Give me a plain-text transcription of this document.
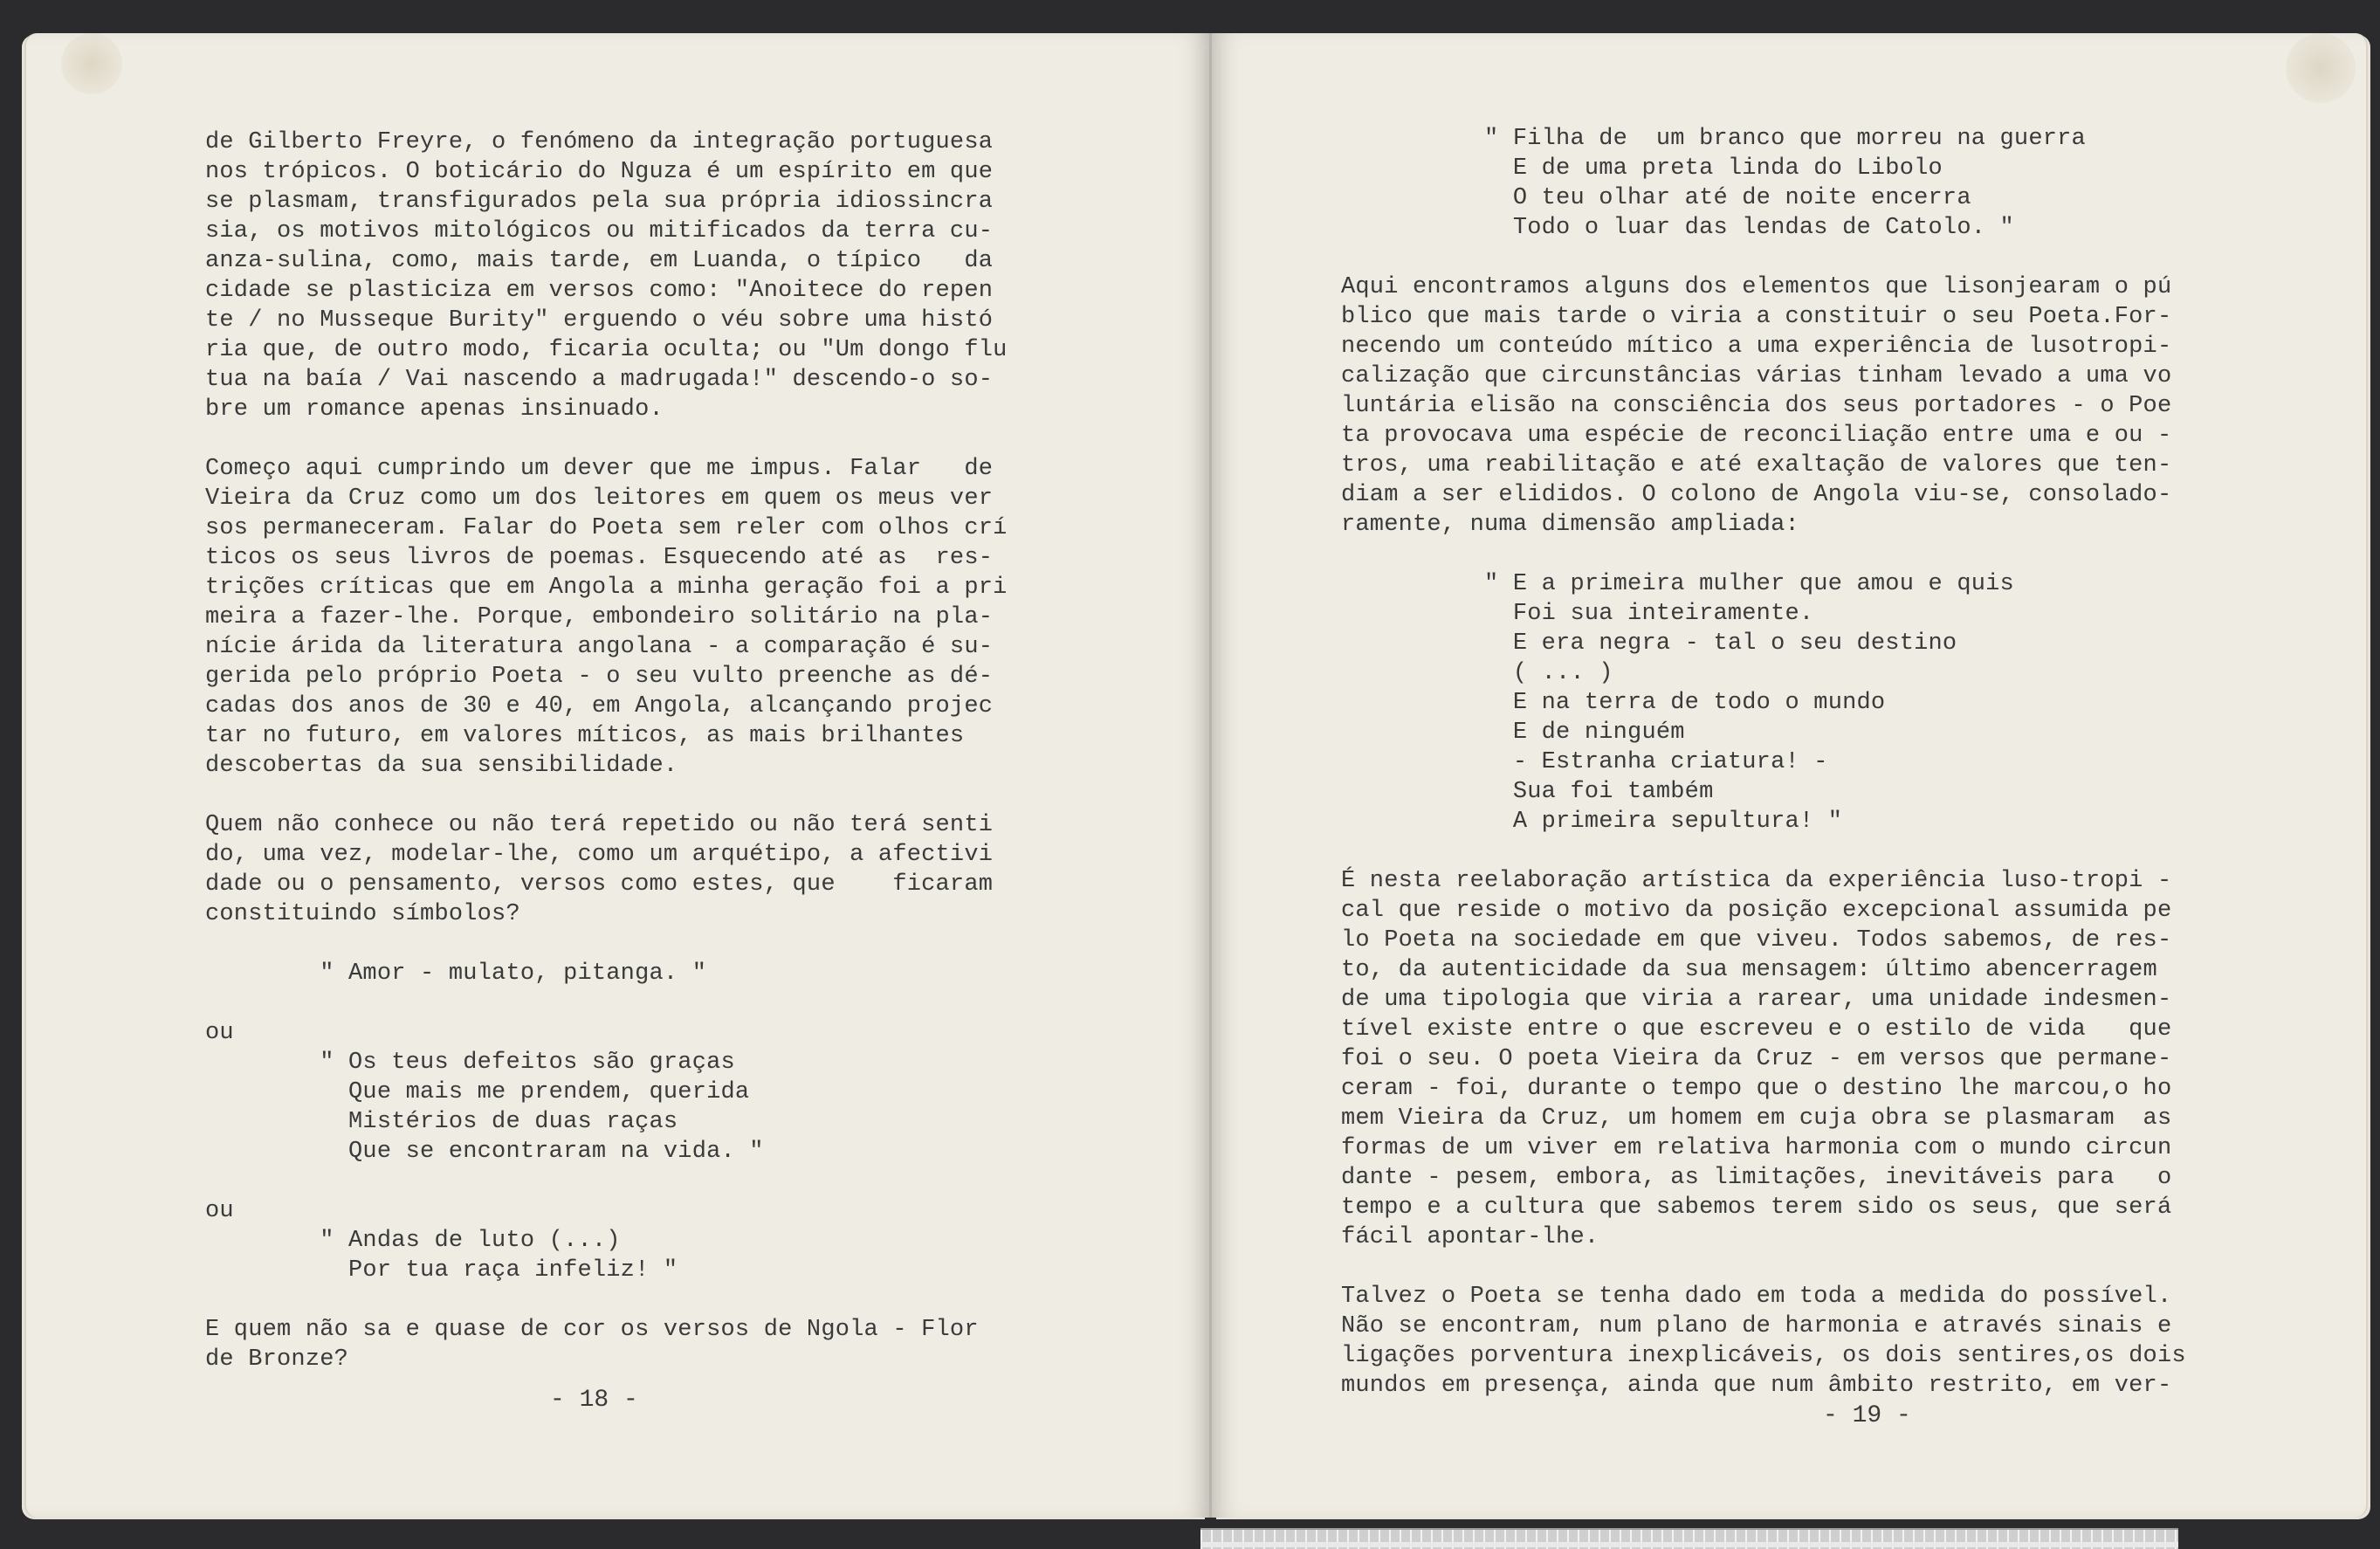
de Gilberto Freyre, o fenómeno da integração portuguesa
nos trópicos. O boticário do Nguza é um espírito em que
se plasmam, transfigurados pela sua própria idiossincra
sia, os motivos mitológicos ou mitificados da terra cu-
anza-sulina, como, mais tarde, em Luanda, o típico   da
cidade se plasticiza em versos como: "Anoitece do repen
te / no Musseque Burity" erguendo o véu sobre uma histó
ria que, de outro modo, ficaria oculta; ou "Um dongo flu
tua na baía / Vai nascendo a madrugada!" descendo-o so-
bre um romance apenas insinuado.
Começo aqui cumprindo um dever que me impus. Falar   de
Vieira da Cruz como um dos leitores em quem os meus ver
sos permaneceram. Falar do Poeta sem reler com olhos crí
ticos os seus livros de poemas. Esquecendo até as  res-
trições críticas que em Angola a minha geração foi a pri
meira a fazer-lhe. Porque, embondeiro solitário na pla-
nície árida da literatura angolana - a comparação é su-
gerida pelo próprio Poeta - o seu vulto preenche as dé-
cadas dos anos de 30 e 40, em Angola, alcançando projec
tar no futuro, em valores míticos, as mais brilhantes
descobertas da sua sensibilidade.
Quem não conhece ou não terá repetido ou não terá senti
do, uma vez, modelar-lhe, como um arquétipo, a afectivi
dade ou o pensamento, versos como estes, que    ficaram
constituindo símbolos?
" Amor - mulato, pitanga. "
ou
" Os teus defeitos são graças
Que mais me prendem, querida
Mistérios de duas raças
Que se encontraram na vida. "
ou
" Andas de luto (...)
Por tua raça infeliz! "
E quem não sa e quase de cor os versos de Ngola - Flor
de Bronze?
- 18 -
" Filha de  um branco que morreu na guerra
E de uma preta linda do Libolo
O teu olhar até de noite encerra
Todo o luar das lendas de Catolo. "
Aqui encontramos alguns dos elementos que lisonjearam o pú
blico que mais tarde o viria a constituir o seu Poeta.For-
necendo um conteúdo mítico a uma experiência de lusotropi-
calização que circunstâncias várias tinham levado a uma vo
luntária elisão na consciência dos seus portadores - o Poe
ta provocava uma espécie de reconciliação entre uma e ou -
tros, uma reabilitação e até exaltação de valores que ten-
diam a ser elididos. O colono de Angola viu-se, consolado-
ramente, numa dimensão ampliada:
" E a primeira mulher que amou e quis
Foi sua inteiramente.
E era negra - tal o seu destino
( ... )
E na terra de todo o mundo
E de ninguém
- Estranha criatura! -
Sua foi também
A primeira sepultura! "
É nesta reelaboração artística da experiência luso-tropi -
cal que reside o motivo da posição excepcional assumida pe
lo Poeta na sociedade em que viveu. Todos sabemos, de res-
to, da autenticidade da sua mensagem: último abencerragem
de uma tipologia que viria a rarear, uma unidade indesmen-
tível existe entre o que escreveu e o estilo de vida   que
foi o seu. O poeta Vieira da Cruz - em versos que permane-
ceram - foi, durante o tempo que o destino lhe marcou,o ho
mem Vieira da Cruz, um homem em cuja obra se plasmaram  as
formas de um viver em relativa harmonia com o mundo circun
dante - pesem, embora, as limitações, inevitáveis para   o
tempo e a cultura que sabemos terem sido os seus, que será
fácil apontar-lhe.
Talvez o Poeta se tenha dado em toda a medida do possível.
Não se encontram, num plano de harmonia e através sinais e
ligações porventura inexplicáveis, os dois sentires,os dois
mundos em presença, ainda que num âmbito restrito, em ver-
- 19 -
